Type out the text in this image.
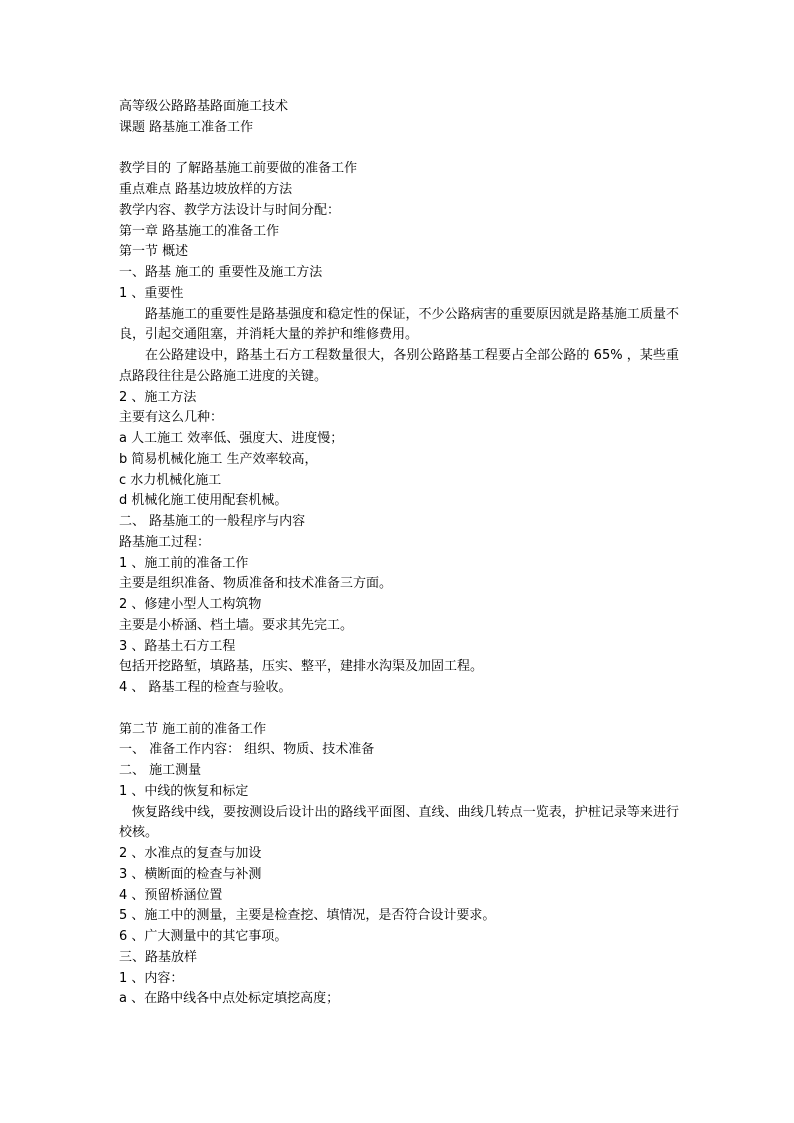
高等级公路路基路面施工技术
课题 路基施工准备工作
教学目的 了解路基施工前要做的准备工作
重点难点 路基边坡放样的方法
教学内容、教学方法设计与时间分配：
第一章 路基施工的准备工作
第一节 概述
一、路基 施工的 重要性及施工方法
1 、重要性
路基施工的重要性是路基强度和稳定性的保证，不少公路病害的重要原因就是路基施工质量不良，引起交通阻塞，并消耗大量的养护和维修费用。
在公路建设中，路基土石方工程数量很大，各别公路路基工程要占全部公路的 65% ，某些重点路段往往是公路施工进度的关键。
2 、施工方法
主要有这么几种：
a 人工施工 效率低、强度大、进度慢；
b 简易机械化施工 生产效率较高，
c 水力机械化施工
d 机械化施工使用配套机械。
二、 路基施工的一般程序与内容
路基施工过程：
1 、施工前的准备工作
主要是组织准备、物质准备和技术准备三方面。
2 、修建小型人工构筑物
主要是小桥涵、档土墙。要求其先完工。
3 、路基土石方工程
包括开挖路堑，填路基，压实、整平，建排水沟渠及加固工程。
4 、 路基工程的检查与验收。
第二节 施工前的准备工作
一、 准备工作内容： 组织、物质、技术准备
二、 施工测量
1 、中线的恢复和标定
恢复路线中线，要按测设后设计出的路线平面图、直线、曲线几转点一览表，护桩记录等来进行校核。
2 、水准点的复查与加设
3 、横断面的检查与补测
4 、预留桥涵位置
5 、施工中的测量，主要是检查挖、填情况，是否符合设计要求。
6 、广大测量中的其它事项。
三、路基放样
1 、内容：
a 、在路中线各中点处标定填挖高度；
